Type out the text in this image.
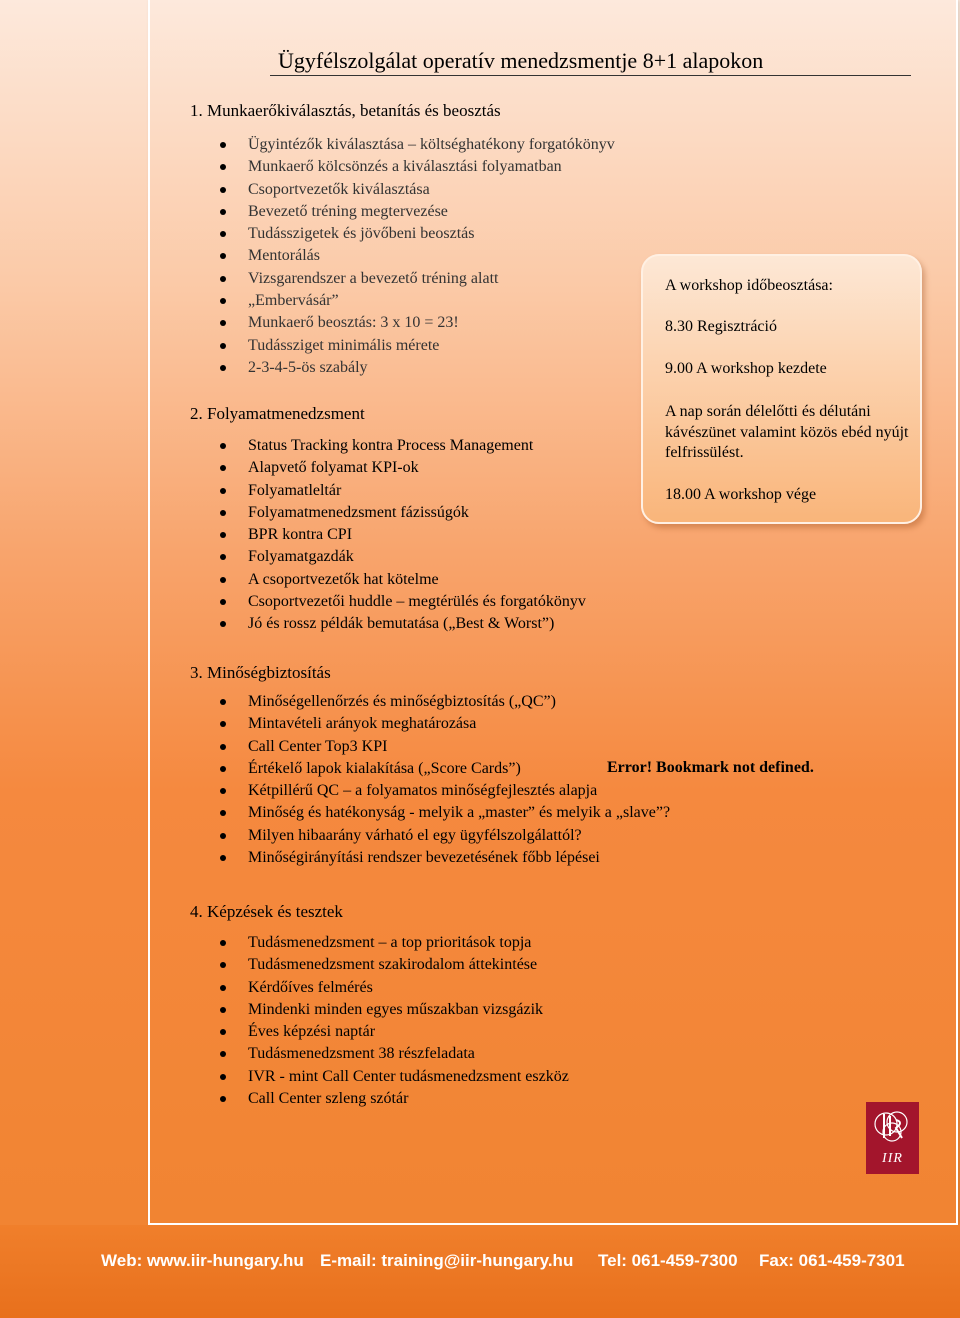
Ügyfélszolgálat operatív menedzsmentje 8+1 alapokon
1. Munkaerőkiválasztás, betanítás és beosztás
Ügyintézők kiválasztása – költséghatékony forgatókönyv
Munkaerő kölcsönzés a kiválasztási folyamatban
Csoportvezetők kiválasztása
Bevezető tréning megtervezése
Tudásszigetek és jövőbeni beosztás
Mentorálás
Vizsgarendszer a bevezető tréning alatt
„Embervásár”
Munkaerő beosztás: 3 x 10 = 23!
Tudássziget minimális mérete
2-3-4-5-ös szabály
2. Folyamatmenedzsment
Status Tracking kontra Process Management
Alapvető folyamat KPI-ok
Folyamatleltár
Folyamatmenedzsment fázissúgók
BPR kontra CPI
Folyamatgazdák
A csoportvezetők hat kötelme
Csoportvezetői huddle – megtérülés és forgatókönyv
Jó és rossz példák bemutatása („Best & Worst”)
3. Minőségbiztosítás
Minőségellenőrzés és minőségbiztosítás („QC”)
Mintavételi arányok meghatározása
Call Center Top3 KPI
Értékelő lapok kialakítása („Score Cards”)
Kétpillérű QC – a folyamatos minőségfejlesztés alapja
Minőség és hatékonyság - melyik a „master” és melyik a „slave”?
Milyen hibaarány várható el egy ügyfélszolgálattól?
Minőségirányítási rendszer bevezetésének főbb lépései
Error! Bookmark not defined.
4. Képzések és tesztek
Tudásmenedzsment – a top prioritások topja
Tudásmenedzsment szakirodalom áttekintése
Kérdőíves felmérés
Mindenki minden egyes műszakban vizsgázik
Éves képzési naptár
Tudásmenedzsment 38 részfeladata
IVR - mint Call Center tudásmenedzsment eszköz
Call Center szleng szótár
A workshop időbeosztása:
8.30 Regisztráció
9.00 A workshop kezdete
A nap során délelőtti és délutáni kávészünet valamint közös ebéd nyújt felfrissülést.
18.00 A workshop vége
IIR
Web: www.iir-hungary.hu E-mail: training@iir-hungary.hu Tel: 061-459-7300 Fax: 061-459-7301
